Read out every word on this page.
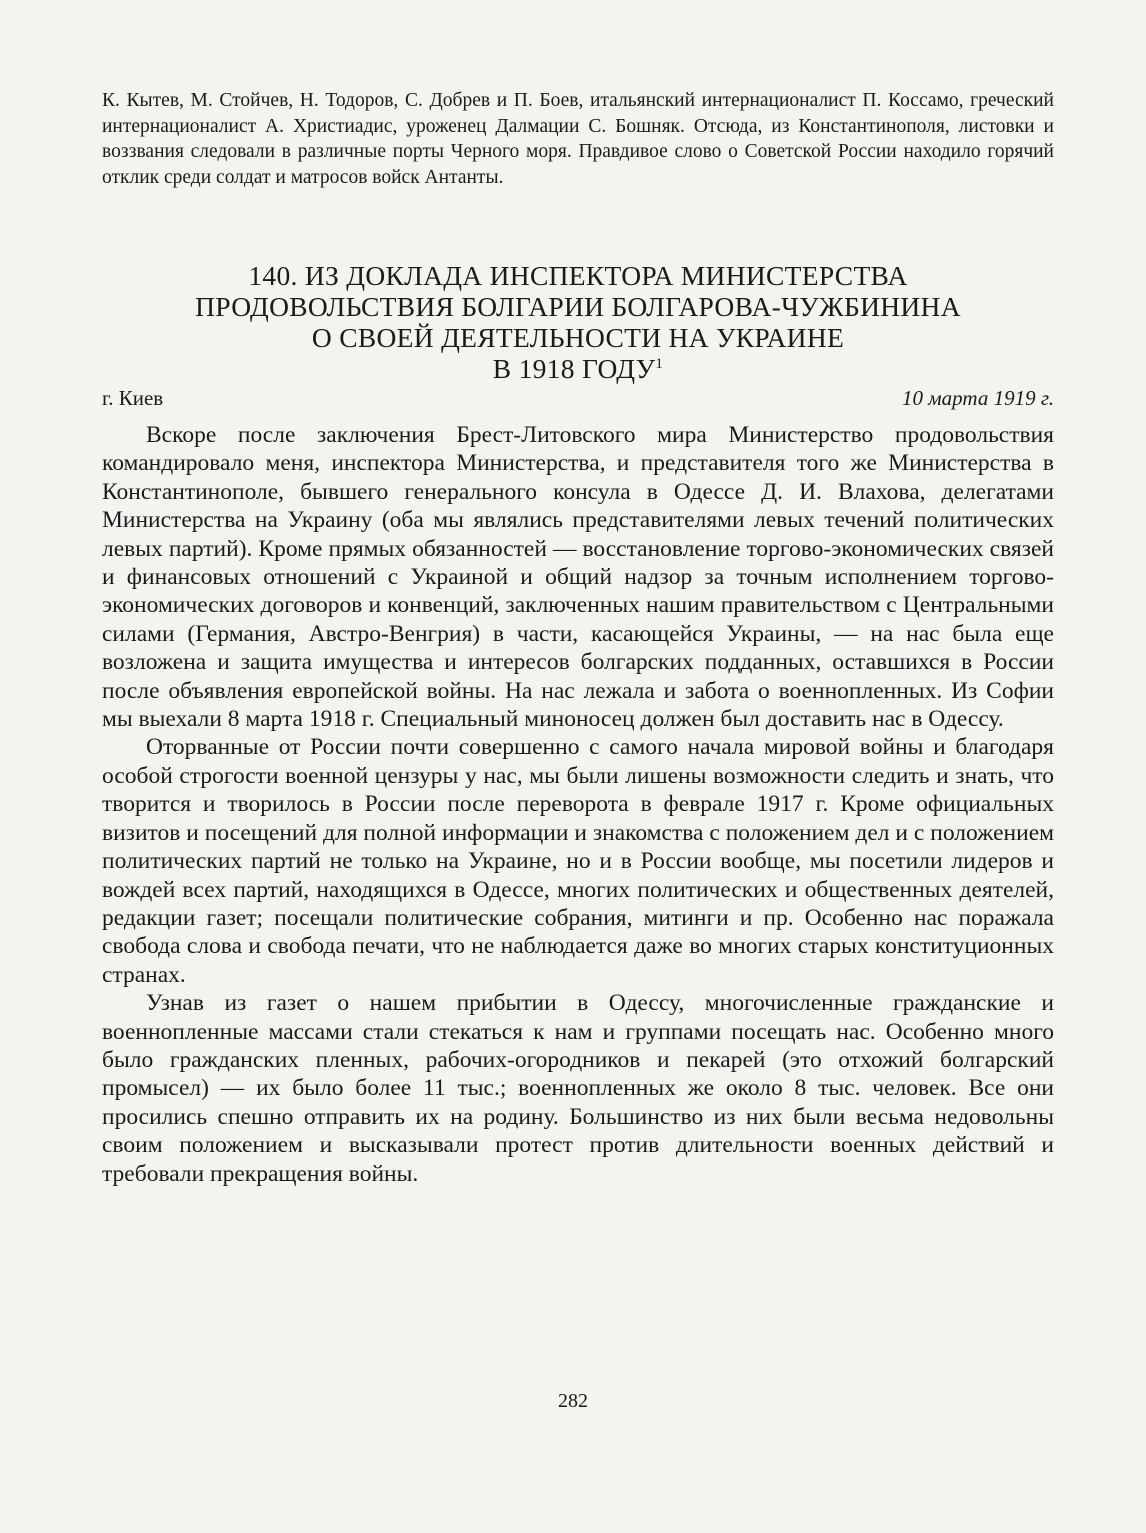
К. Кытев, М. Стойчев, Н. Тодоров, С. Добрев и П. Боев, итальянский интернационалист П. Коссамо, греческий интернационалист А. Христиадис, уроженец Далмации С. Бошняк. Отсюда, из Константинополя, листовки и воззвания следовали в различные порты Черного моря. Правдивое слово о Советской России находило горячий отклик среди солдат и матросов войск Антанты.

140. ИЗ ДОКЛАДА ИНСПЕКТОРА МИНИСТЕРСТВА
ПРОДОВОЛЬСТВИЯ БОЛГАРИИ БОЛГАРОВА-ЧУЖБИНИНА
О СВОЕЙ ДЕЯТЕЛЬНОСТИ НА УКРАИНЕ
В 1918 ГОДУ$^1$
г. Киев	10 марта 1919 г.

Вскоре после заключения Брест-Литовского мира Министерство продовольствия командировало меня, инспектора Министерства, и представителя того же Министерства в Константинополе, бывшего генерального консула в Одессе Д. И. Влахова, делегатами Министерства на Украину (оба мы являлись представителями левых течений политических левых партий). Кроме прямых обязанностей — восстановление торгово-экономических связей и финансовых отношений с Украиной и общий надзор за точным исполнением торгово-экономических договоров и конвенций, заключенных нашим правительством с Центральными силами (Германия, Австро-Венгрия) в части, касающейся Украины, — на нас была еще возложена и защита имущества и интересов болгарских подданных, оставшихся в России после объявления европейской войны. На нас лежала и забота о военнопленных. Из Софии мы выехали 8 марта 1918 г. Специальный миноносец должен был доставить нас в Одессу.

Оторванные от России почти совершенно с самого начала мировой войны и благодаря особой строгости военной цензуры у нас, мы были лишены возможности следить и знать, что творится и творилось в России после переворота в феврале 1917 г. Кроме официальных визитов и посещений для полной информации и знакомства с положением дел и с положением политических партий не только на Украине, но и в России вообще, мы посетили лидеров и вождей всех партий, находящихся в Одессе, многих политических и общественных деятелей, редакции газет; посещали политические собрания, митинги и пр. Особенно нас поражала свобода слова и свобода печати, что не наблюдается даже во многих старых конституционных странах.

Узнав из газет о нашем прибытии в Одессу, многочисленные гражданские и военнопленные массами стали стекаться к нам и группами посещать нас. Особенно много было гражданских пленных, рабочих-огородников и пекарей (это отхожий болгарский промысел) — их было более 11 тыс.; военнопленных же около 8 тыс. человек. Все они просились спешно отправить их на родину. Большинство из них были весьма недовольны своим положением и высказывали протест против длительности военных действий и требовали прекращения войны.

282
